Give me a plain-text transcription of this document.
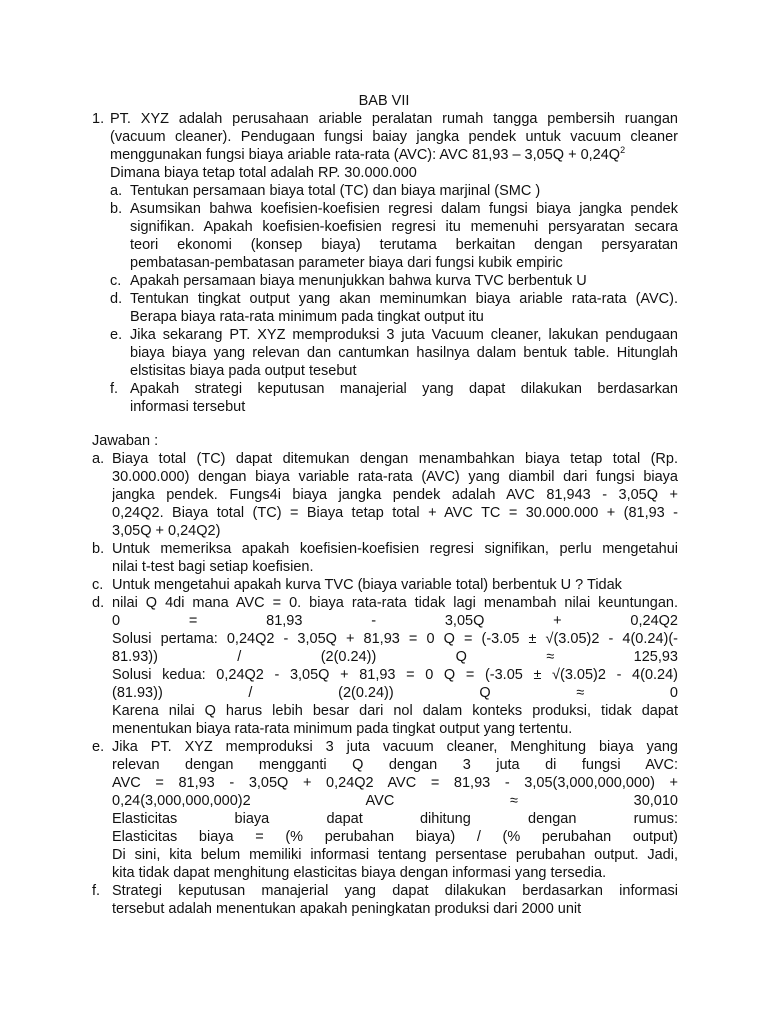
BAB VII
1. PT. XYZ adalah perusahaan ariable peralatan rumah tangga pembersih ruangan
(vacuum cleaner). Pendugaan fungsi baiay jangka pendek untuk vacuum cleaner
menggunakan fungsi biaya ariable rata-rata (AVC): AVC $81,93 - 3,05Q + 0,24Q^2$
Dimana biaya tetap total adalah RP. 30.000.000
a. Tentukan persamaan biaya total (TC) dan biaya marjinal (SMC )
b. Asumsikan bahwa koefisien-koefisien regresi dalam fungsi biaya jangka pendek
signifikan. Apakah koefisien-koefisien regresi itu memenuhi persyaratan secara
teori ekonomi (konsep biaya) terutama berkaitan dengan persyaratan
pembatasan-pembatasan parameter biaya dari fungsi kubik empiric
c. Apakah persamaan biaya menunjukkan bahwa kurva TVC berbentuk U
d. Tentukan tingkat output yang akan meminumkan biaya ariable rata-rata (AVC).
Berapa biaya rata-rata minimum pada tingkat output itu
e. Jika sekarang PT. XYZ memproduksi 3 juta Vacuum cleaner, lakukan pendugaan
biaya biaya yang relevan dan cantumkan hasilnya dalam bentuk table. Hitunglah
elstisitas biaya pada output tesebut
f. Apakah strategi keputusan manajerial yang dapat dilakukan berdasarkan
informasi tersebut
Jawaban :
a. Biaya total (TC) dapat ditemukan dengan menambahkan biaya tetap total (Rp.
30.000.000) dengan biaya variable rata-rata (AVC) yang diambil dari fungsi biaya
jangka pendek. Fungs4i biaya jangka pendek adalah AVC 81,943 - 3,05Q +
0,24Q2. Biaya total (TC) = Biaya tetap total + AVC TC = 30.000.000 + (81,93 -
3,05Q + 0,24Q2)
b. Untuk memeriksa apakah koefisien-koefisien regresi signifikan, perlu mengetahui
nilai t-test bagi setiap koefisien.
c. Untuk mengetahui apakah kurva TVC (biaya variable total) berbentuk U ? Tidak
d. nilai Q 4di mana AVC = 0. biaya rata-rata tidak lagi menambah nilai keuntungan.
0 = 81,93 - 3,05Q + 0,24Q2
Solusi pertama: 0,24Q2 - 3,05Q + 81,93 = 0 Q = (-3.05 ± √(3.05)2 - 4(0.24)(-
81.93)) / (2(0.24)) Q ≈ 125,93
Solusi kedua: 0,24Q2 - 3,05Q + 81,93 = 0 Q = (-3.05 ± √(3.05)2 - 4(0.24)
(81.93)) / (2(0.24)) Q ≈ 0
Karena nilai Q harus lebih besar dari nol dalam konteks produksi, tidak dapat
menentukan biaya rata-rata minimum pada tingkat output yang tertentu.
e. Jika PT. XYZ memproduksi 3 juta vacuum cleaner, Menghitung biaya yang
relevan dengan mengganti Q dengan 3 juta di fungsi AVC:
AVC = 81,93 - 3,05Q + 0,24Q2 AVC = 81,93 - 3,05(3,000,000,000) +
0,24(3,000,000,000)2 AVC ≈ 30,010
Elasticitas biaya dapat dihitung dengan rumus:
Elasticitas biaya = (% perubahan biaya) / (% perubahan output)
Di sini, kita belum memiliki informasi tentang persentase perubahan output. Jadi,
kita tidak dapat menghitung elasticitas biaya dengan informasi yang tersedia.
f. Strategi keputusan manajerial yang dapat dilakukan berdasarkan informasi
tersebut adalah menentukan apakah peningkatan produksi dari 2000 unit
